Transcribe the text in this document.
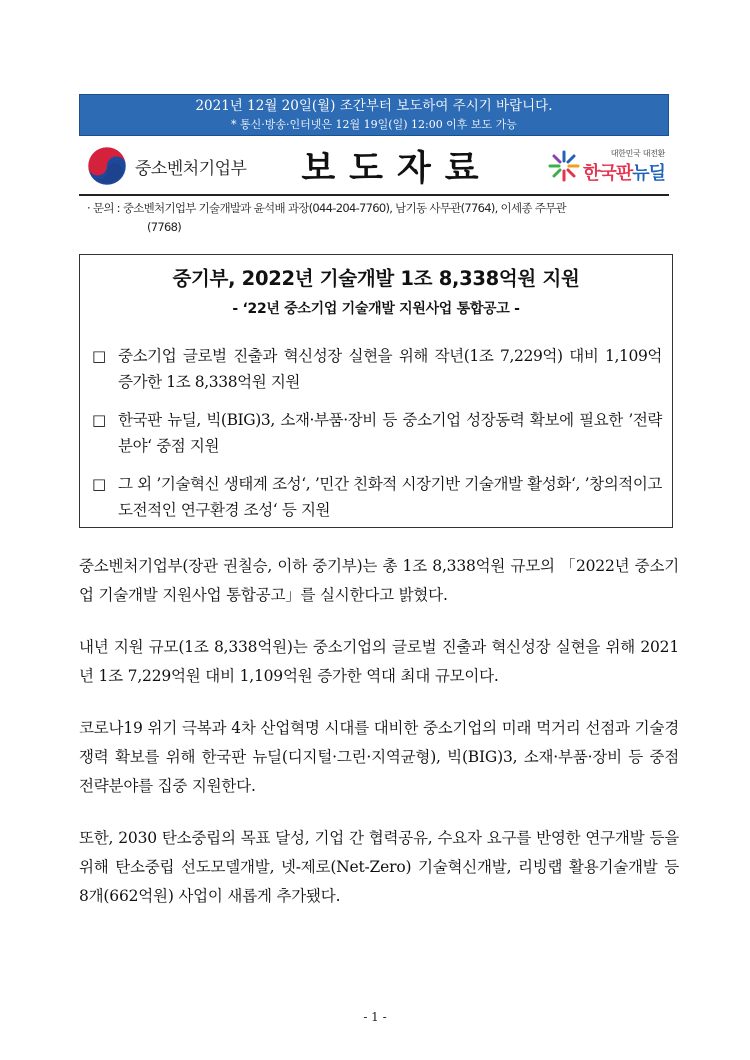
2021년 12월 20일(월) 조간부터 보도하여 주시기 바랍니다.
* 통신·방송·인터넷은 12월 19일(일) 12:00 이후 보도 가능
중소벤처기업부	보도자료	대한민국 대전환
한국판뉴딜
· 문의 : 중소벤처기업부 기술개발과 윤석배 과장(044-204-7760), 남기동 사무관(7764), 이세종 주무관
(7768)
중기부, 2022년 기술개발 1조 8,338억원 지원
- ‘22년 중소기업 기술개발 지원사업 통합공고 -
□ 중소기업 글로벌 진출과 혁신성장 실현을 위해 작년(1조 7,229억) 대비 1,109억 증가한 1조 8,338억원 지원
□ 한국판 뉴딜, 빅(BIG)3, 소재·부품·장비 등 중소기업 성장동력 확보에 필요한 ’전략분야‘ 중점 지원
□ 그 외 ’기술혁신 생태계 조성‘, ’민간 친화적 시장기반 기술개발 활성화‘, ’창의적이고 도전적인 연구환경 조성‘ 등 지원

중소벤처기업부(장관 권칠승, 이하 중기부)는 총 1조 8,338억원 규모의 「2022년 중소기업 기술개발 지원사업 통합공고」를 실시한다고 밝혔다.

내년 지원 규모(1조 8,338억원)는 중소기업의 글로벌 진출과 혁신성장 실현을 위해 2021년 1조 7,229억원 대비 1,109억원 증가한 역대 최대 규모이다.

코로나19 위기 극복과 4차 산업혁명 시대를 대비한 중소기업의 미래 먹거리 선점과 기술경쟁력 확보를 위해 한국판 뉴딜(디지털·그린·지역균형), 빅(BIG)3, 소재·부품·장비 등 중점 전략분야를 집중 지원한다.

또한, 2030 탄소중립의 목표 달성, 기업 간 협력공유, 수요자 요구를 반영한 연구개발 등을 위해 탄소중립 선도모델개발, 넷-제로(Net-Zero) 기술혁신개발, 리빙랩 활용기술개발 등 8개(662억원) 사업이 새롭게 추가됐다.

- 1 -
